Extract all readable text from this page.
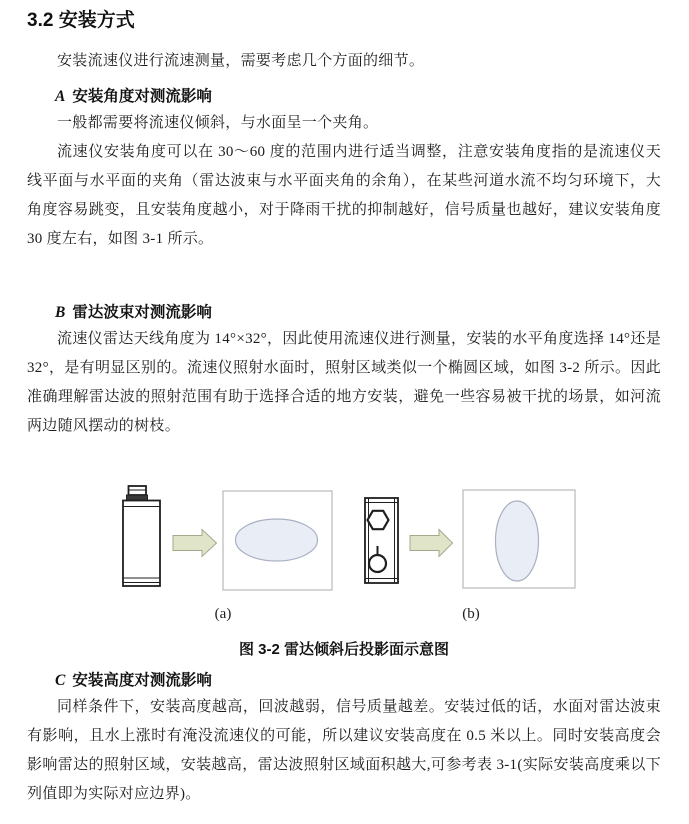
3.2 安装方式

安装流速仪进行流速测量，需要考虑几个方面的细节。

A 安装角度对测流影响

一般都需要将流速仪倾斜，与水面呈一个夹角。

流速仪安装角度可以在 30～60 度的范围内进行适当调整，注意安装角度指的是流速仪天线平面与水平面的夹角（雷达波束与水平面夹角的余角），在某些河道水流不均匀环境下，大角度容易跳变，且安装角度越小，对于降雨干扰的抑制越好，信号质量也越好，建议安装角度 30 度左右，如图 3-1 所示。

B 雷达波束对测流影响

流速仪雷达天线角度为 14°×32°，因此使用流速仪进行测量，安装的水平角度选择 14°还是 32°，是有明显区别的。流速仪照射水面时，照射区域类似一个椭圆区域，如图 3-2 所示。因此准确理解雷达波的照射范围有助于选择合适的地方安装，避免一些容易被干扰的场景，如河流两边随风摆动的树枝。

(a)	(b)
图 3-2 雷达倾斜后投影面示意图
C 安装高度对测流影响

同样条件下，安装高度越高，回波越弱，信号质量越差。安装过低的话，水面对雷达波束有影响，且水上涨时有淹没流速仪的可能，所以建议安装高度在 0.5 米以上。同时安装高度会影响雷达的照射区域，安装越高，雷达波照射区域面积越大,可参考表 3-1(实际安装高度乘以下列值即为实际对应边界)。
